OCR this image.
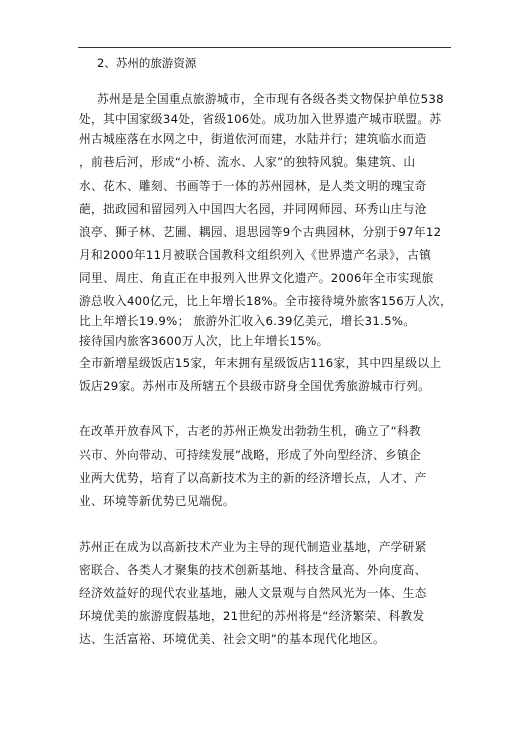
2、苏州的旅游资源
苏州是是全国重点旅游城市，全市现有各级各类文物保护单位538
处，其中国家级34处，省级106处。成功加入世界遗产城市联盟。苏
州古城座落在水网之中，街道依河而建，水陆并行；建筑临水而造
，前巷后河，形成“小桥、流水、人家”的独特风貌。集建筑、山
水、花木、雕刻、书画等于一体的苏州园林，是人类文明的瑰宝奇
葩，拙政园和留园列入中国四大名园，并同网师园、环秀山庄与沧
浪亭、狮子林、艺圃、耦园、退思园等9个古典园林，分别于97年12
月和2000年11月被联合国教科文组织列入《世界遗产名录》，古镇
同里、周庄、角直正在申报列入世界文化遗产。2006年全市实现旅
游总收入400亿元，比上年增长18%。全市接待境外旅客156万人次，
比上年增长19.9%； 旅游外汇收入6.39亿美元，增长31.5%。
接待国内旅客3600万人次，比上年增长15%。
全市新增星级饭店15家，年末拥有星级饭店116家，其中四星级以上
饭店29家。苏州市及所辖五个县级市跻身全国优秀旅游城市行列。
在改革开放春风下，古老的苏州正焕发出勃勃生机，确立了“科教
兴市、外向带动、可持续发展”战略，形成了外向型经济、乡镇企
业两大优势，培育了以高新技术为主的新的经济增长点，人才、产
业、环境等新优势已见端倪。
苏州正在成为以高新技术产业为主导的现代制造业基地，产学研紧
密联合、各类人才聚集的技术创新基地、科技含量高、外向度高、
经济效益好的现代农业基地，融人文景观与自然风光为一体、生态
环境优美的旅游度假基地，21世纪的苏州将是“经济繁荣、科教发
达、生活富裕、环境优美、社会文明”的基本现代化地区。
